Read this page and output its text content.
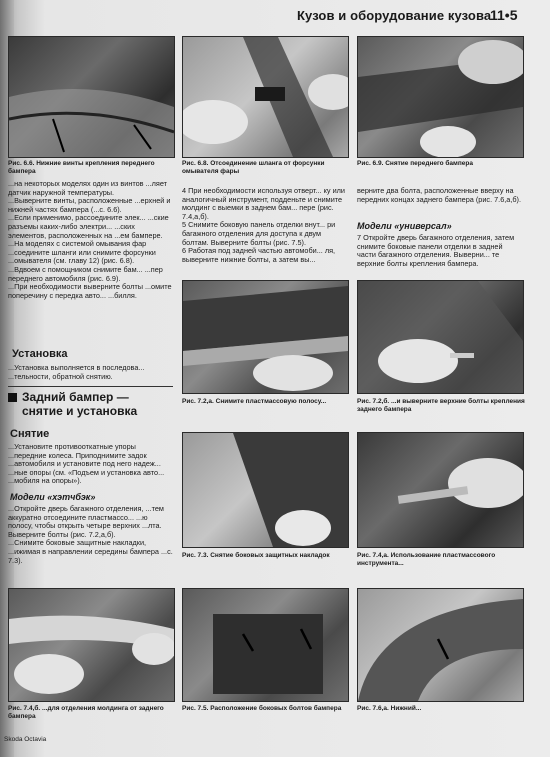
Кузов и оборудование кузова
11•5
Рис. 6.6. Нижние винты крепления переднего бампера
Рис. 6.8. Отсоединение шланга от форсунки омывателя фары
Рис. 6.9. Снятие переднего бампера

...на некоторых моделях один из винтов ...ляет датчик наружной температуры.

...Выверните винты, расположенные ...ерхней и нижней частях бампера (...с. 6.6).

...Если применимо, рассоедините элек... ...ские разъемы каких-либо электри... ...ских элементов, расположенных на ...ем бампере.

...На моделях с системой омывания фар ...соедините шланги или снимите форсунки ...омывателя (см. главу 12) (рис. 6.8).

...Вдвоем с помощником снимите бам... ...пер переднего автомобиля (рис. 6.9).

...При необходимости выверните болты ...омите поперечину с передка авто... ...билля.

Установка
...Установка выполняется в последова... ...тельности, обратной снятию.
Задний бампер —
снятие и установка
Снятие
...Установите противооткатные упоры ...передние колеса. Приподнимите задок ...автомобиля и установите под него надеж... ...ные опоры (см. «Подъем и установка авто... ...мобиля на опоры»).
Модели «хэтчбэк»

...Откройте дверь багажного отделения, ...тем аккуратно отсоедините пластмассо... ...ю полосу, чтобы открыть четыре верхних ...лта. Выверните болты (рис. 7.2,а,б).

...Снимите боковые защитные накладки, ...ижимая в направлении середины бампера ...с. 7.3).

4 При необходимости используя отверт... ку или аналогичный инструмент, подденьте и снимите молдинг с выемки в заднем бам... пере (рис. 7.4,а,б).

5 Снимите боковую панель отделки внут... ри багажного отделения для доступа к двум болтам. Выверните болты (рис. 7.5).

6 Работая под задней частью автомоби... ля, выверните нижние болты, а затем вы...

верните два болта, расположенные вверху на передних концах заднего бампера (рис. 7.6,а,б).
Модели «универсал»
7 Откройте дверь багажного отделения, затем снимите боковые панели отделки в задней части багажного отделения. Выверни... те верхние болты крепления бампера.
Рис. 7.2,а. Снимите пластмассовую полосу...	Рис. 7.2,б. ...и выверните верхние болты крепления заднего бампера
Рис. 7.3. Снятие боковых защитных накладок	Рис. 7.4,а. Использование пластмассового инструмента...
Рис. 7.4,б. ...для отделения молдинга от заднего бампера
Рис. 7.5. Расположение боковых болтов бампера	Рис. 7.6,а. Нижний...
Skoda Octavia
